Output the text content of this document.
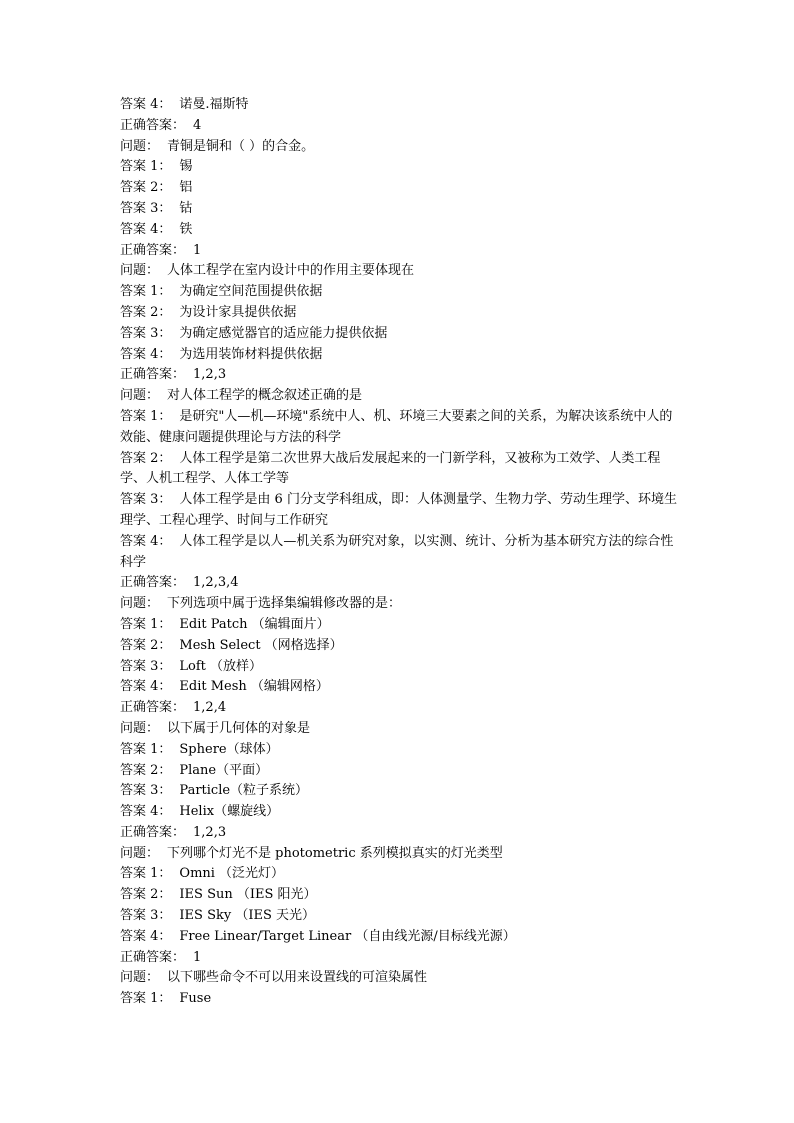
答案 4： 诺曼.福斯特
正确答案： 4
问题： 青铜是铜和（ ）的合金。
答案 1： 锡
答案 2： 铝
答案 3： 钴
答案 4： 铁
正确答案： 1
问题： 人体工程学在室内设计中的作用主要体现在
答案 1： 为确定空间范围提供依据
答案 2： 为设计家具提供依据
答案 3： 为确定感觉器官的适应能力提供依据
答案 4： 为选用装饰材料提供依据
正确答案： 1,2,3
问题： 对人体工程学的概念叙述正确的是
答案 1： 是研究"人—机—环境"系统中人、机、环境三大要素之间的关系，为解决该系统中人的效能、健康问题提供理论与方法的科学
答案 2： 人体工程学是第二次世界大战后发展起来的一门新学科，又被称为工效学、人类工程学、人机工程学、人体工学等
答案 3： 人体工程学是由 6 门分支学科组成，即：人体测量学、生物力学、劳动生理学、环境生理学、工程心理学、时间与工作研究
答案 4： 人体工程学是以人—机关系为研究对象，以实测、统计、分析为基本研究方法的综合性科学
正确答案： 1,2,3,4
问题： 下列选项中属于选择集编辑修改器的是：
答案 1： Edit Patch （编辑面片）
答案 2： Mesh Select （网格选择）
答案 3： Loft （放样）
答案 4： Edit Mesh （编辑网格）
正确答案： 1,2,4
问题： 以下属于几何体的对象是
答案 1： Sphere（球体）
答案 2： Plane（平面）
答案 3： Particle（粒子系统）
答案 4： Helix（螺旋线）
正确答案： 1,2,3
问题： 下列哪个灯光不是 photometric 系列模拟真实的灯光类型
答案 1： Omni （泛光灯）
答案 2： IES Sun （IES 阳光）
答案 3： IES Sky （IES 天光）
答案 4： Free Linear/Target Linear （自由线光源/目标线光源）
正确答案： 1
问题： 以下哪些命令不可以用来设置线的可渲染属性
答案 1： Fuse
